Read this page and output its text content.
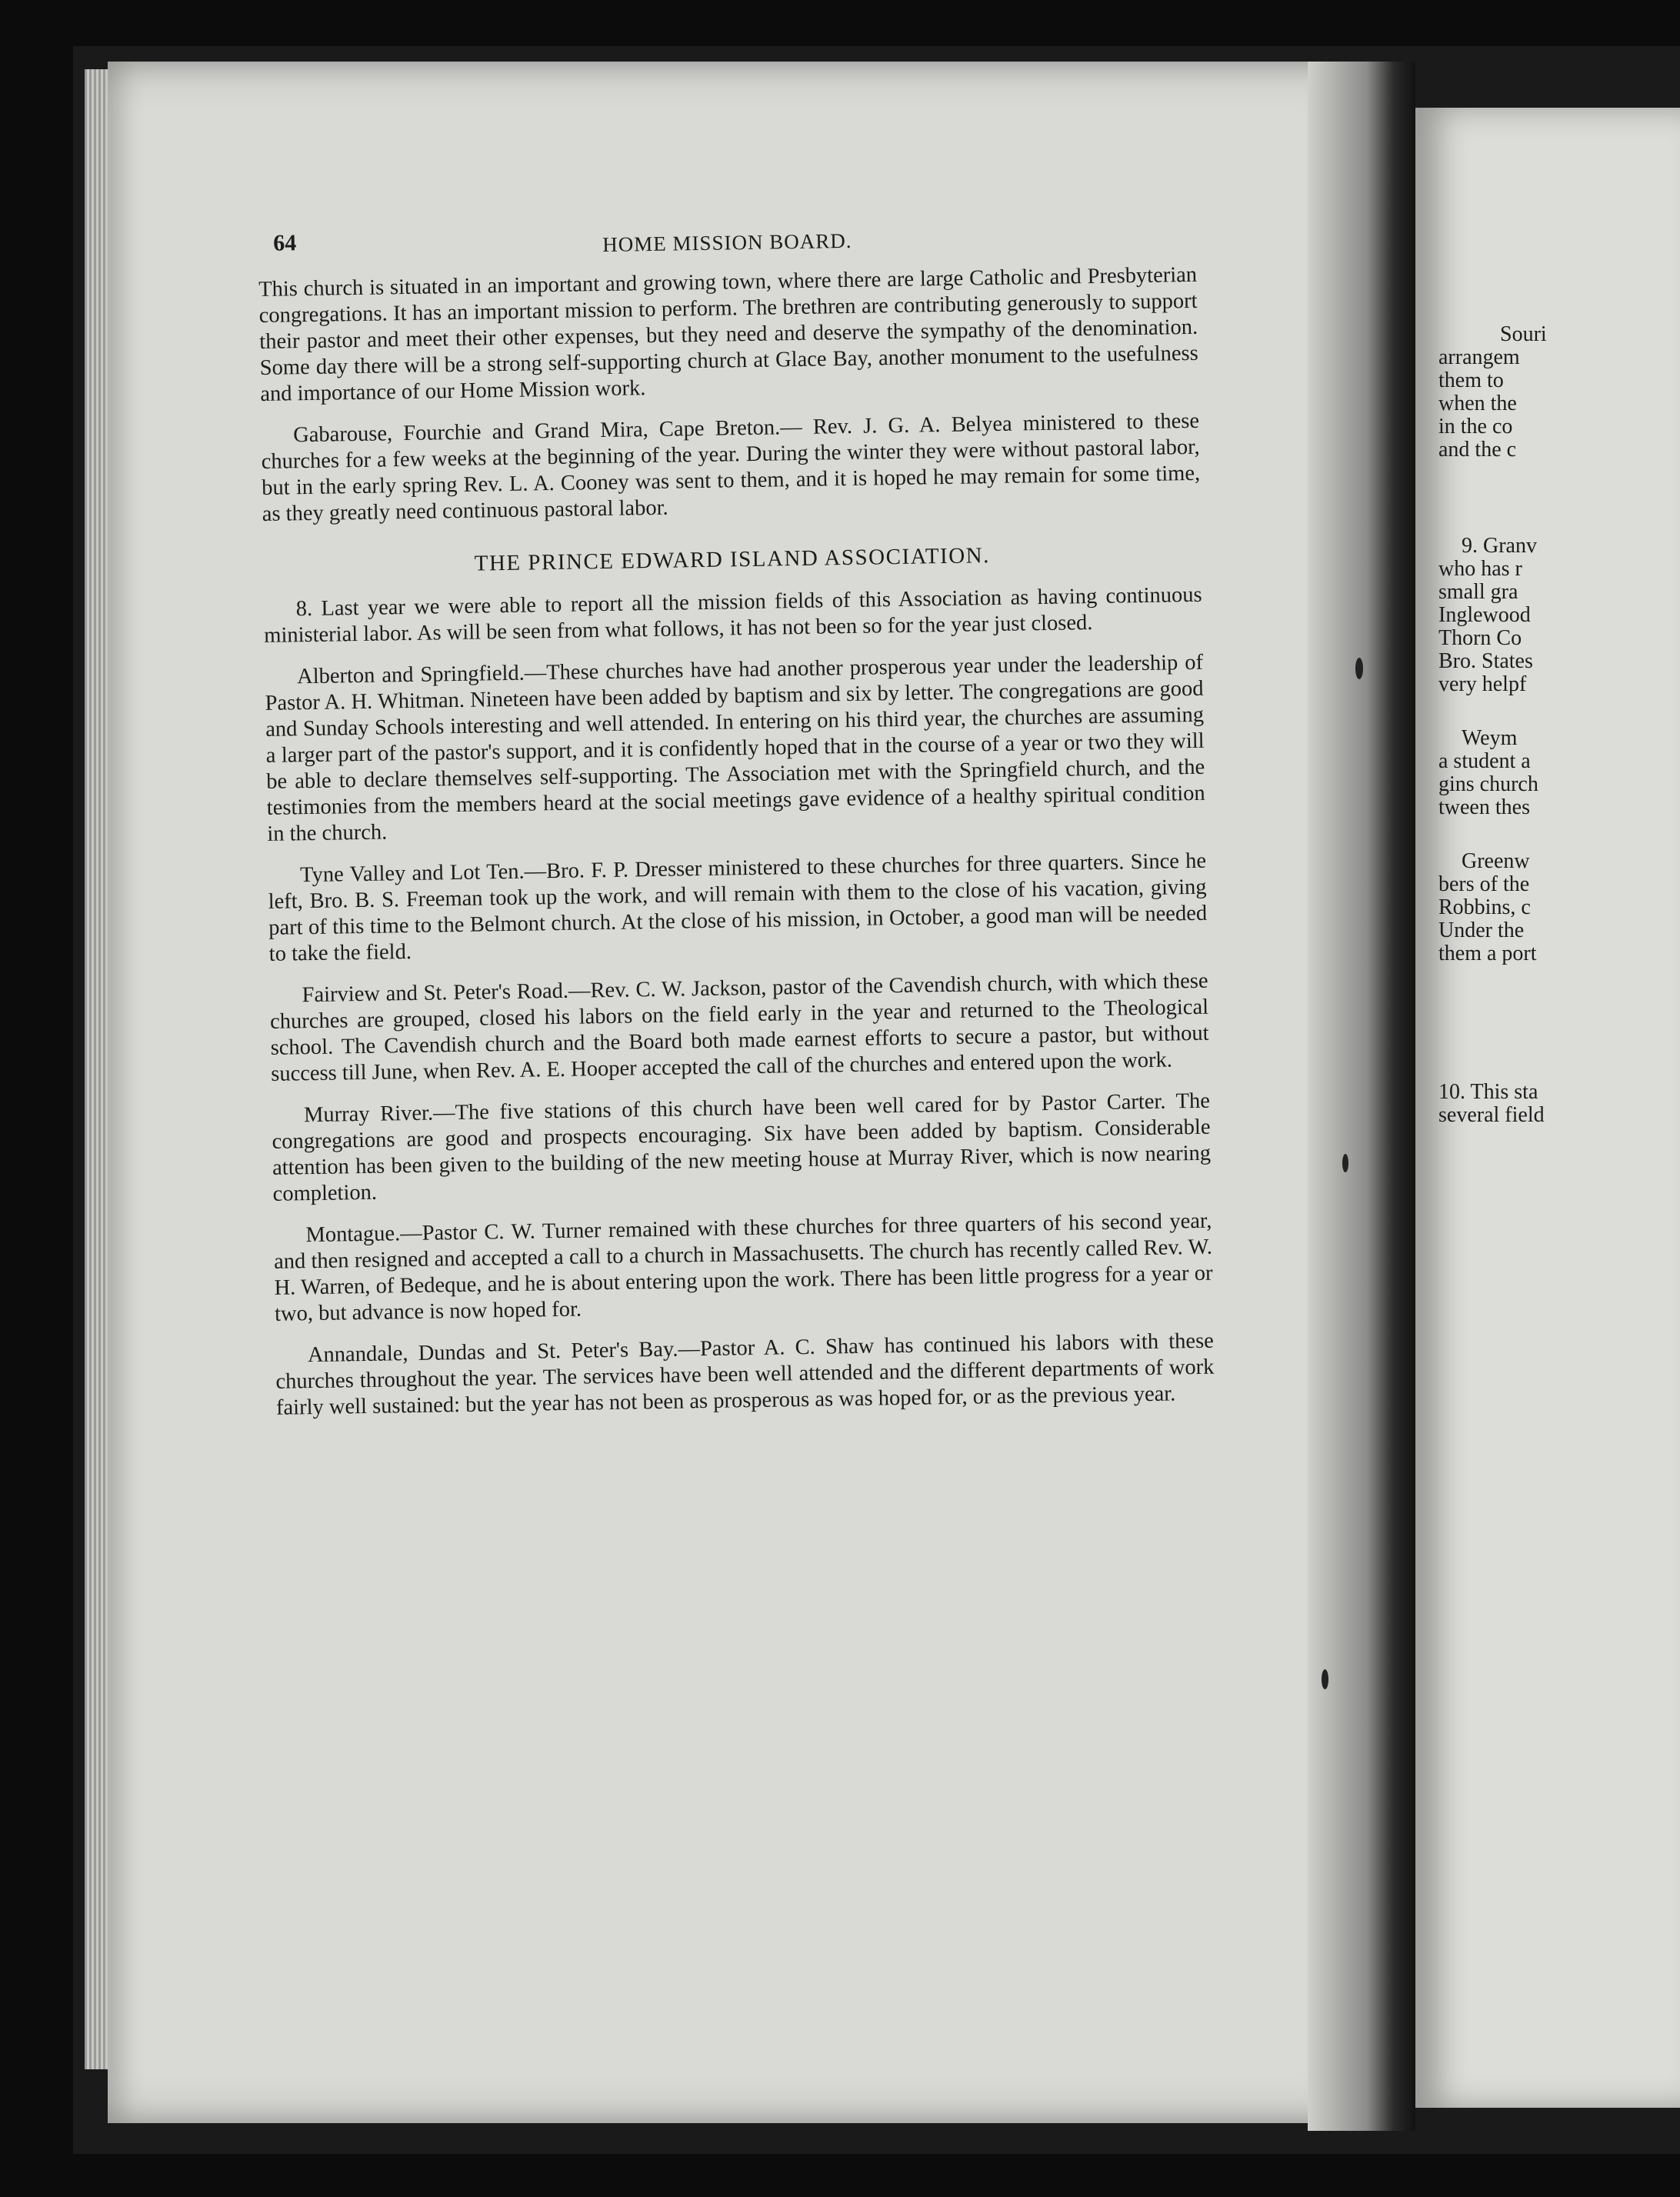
64	HOME MISSION BOARD.

This church is situated in an important and growing town, where there are large Catholic and Presbyterian congregations. It has an important mission to perform. The brethren are contributing generously to support their pastor and meet their other expenses, but they need and deserve the sympathy of the denomination. Some day there will be a strong self-supporting church at Glace Bay, another monument to the usefulness and importance of our Home Mission work.

Gabarouse, Fourchie and Grand Mira, Cape Breton.— Rev. J. G. A. Belyea ministered to these churches for a few weeks at the beginning of the year. During the winter they were without pastoral labor, but in the early spring Rev. L. A. Cooney was sent to them, and it is hoped he may remain for some time, as they greatly need continuous pastoral labor.

THE PRINCE EDWARD ISLAND ASSOCIATION.

8. Last year we were able to report all the mission fields of this Association as having continuous ministerial labor. As will be seen from what follows, it has not been so for the year just closed.

Alberton and Springfield.—These churches have had another prosperous year under the leadership of Pastor A. H. Whitman. Nineteen have been added by baptism and six by letter. The congregations are good and Sunday Schools interesting and well attended. In entering on his third year, the churches are assuming a larger part of the pastor's support, and it is confidently hoped that in the course of a year or two they will be able to declare themselves self-supporting. The Association met with the Springfield church, and the testimonies from the members heard at the social meetings gave evidence of a healthy spiritual condition in the church.

Tyne Valley and Lot Ten.—Bro. F. P. Dresser ministered to these churches for three quarters. Since he left, Bro. B. S. Freeman took up the work, and will remain with them to the close of his vacation, giving part of this time to the Belmont church. At the close of his mission, in October, a good man will be needed to take the field.

Fairview and St. Peter's Road.—Rev. C. W. Jackson, pastor of the Cavendish church, with which these churches are grouped, closed his labors on the field early in the year and returned to the Theological school. The Cavendish church and the Board both made earnest efforts to secure a pastor, but without success till June, when Rev. A. E. Hooper accepted the call of the churches and entered upon the work.

Murray River.—The five stations of this church have been well cared for by Pastor Carter. The congregations are good and prospects encouraging. Six have been added by baptism. Considerable attention has been given to the building of the new meeting house at Murray River, which is now nearing completion.

Montague.—Pastor C. W. Turner remained with these churches for three quarters of his second year, and then resigned and accepted a call to a church in Massachusetts. The church has recently called Rev. W. H. Warren, of Bedeque, and he is about entering upon the work. There has been little progress for a year or two, but advance is now hoped for.

Annandale, Dundas and St. Peter's Bay.—Pastor A. C. Shaw has continued his labors with these churches throughout the year. The services have been well attended and the different departments of work fairly well sustained: but the year has not been as prosperous as was hoped for, or as the previous year.

Souri
arrangem
them to
when the
in the co
and the c
9. Granv
who has r
small gra
Inglewood
Thorn Co
Bro. States
very helpf
Weym
a student a
gins church
tween thes
Greenw
bers of the
Robbins, c
Under the
them a port
10. This sta
several field
